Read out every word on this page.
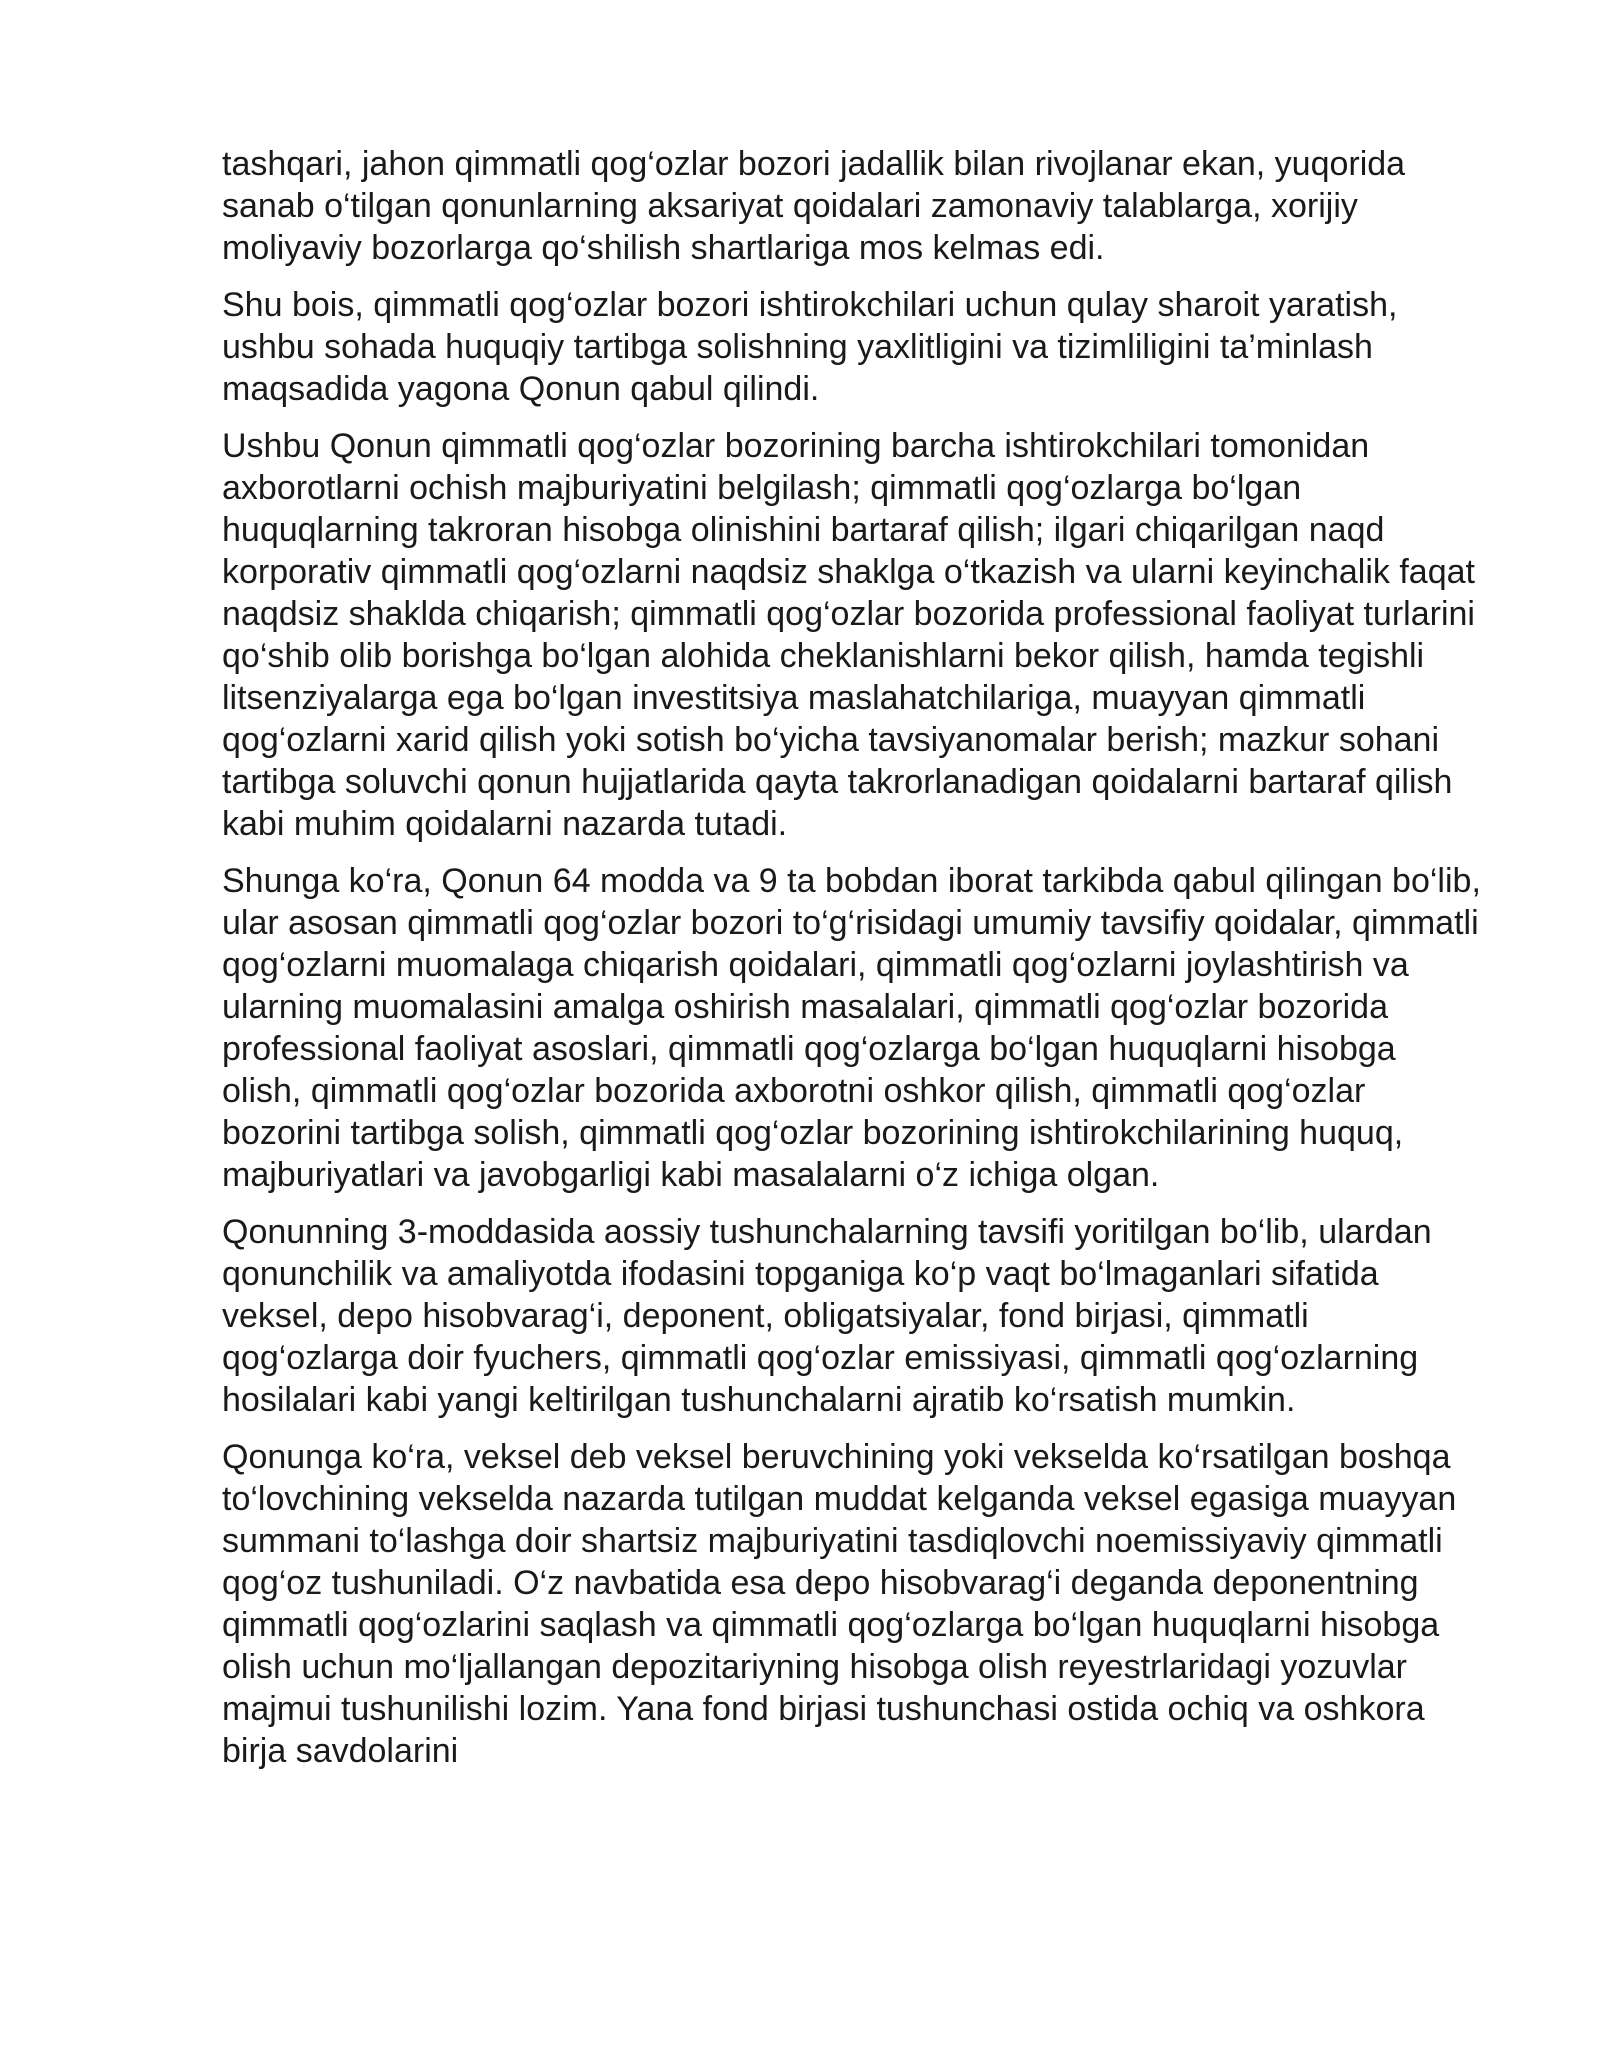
tashqari, jahon qimmatli qog‘ozlar bozori jadallik bilan rivojlanar ekan, yuqorida sanab o‘tilgan qonunlarning aksariyat qoidalari zamonaviy talablarga, xorijiy moliyaviy bozorlarga qo‘shilish shartlariga mos kelmas edi.

Shu bois, qimmatli qog‘ozlar bozori ishtirokchilari uchun qulay sharoit yaratish, ushbu sohada huquqiy tartibga solishning yaxlitligini va tizimliligini ta’minlash maqsadida yagona Qonun qabul qilindi.

Ushbu Qonun qimmatli qog‘ozlar bozorining barcha ishtirokchilari tomonidan axborotlarni ochish majburiyatini belgilash; qimmatli qog‘ozlarga bo‘lgan huquqlarning takroran hisobga olinishini bartaraf qilish; ilgari chiqarilgan naqd korporativ qimmatli qog‘ozlarni naqdsiz shaklga o‘tkazish va ularni keyinchalik faqat naqdsiz shaklda chiqarish; qimmatli qog‘ozlar bozorida professional faoliyat turlarini qo‘shib olib borishga bo‘lgan alohida cheklanishlarni bekor qilish, hamda tegishli litsenziyalarga ega bo‘lgan investitsiya maslahatchilariga, muayyan qimmatli qog‘ozlarni xarid qilish yoki sotish bo‘yicha tavsiyanomalar berish; mazkur sohani tartibga soluvchi qonun hujjatlarida qayta takrorlanadigan qoidalarni bartaraf qilish kabi muhim qoidalarni nazarda tutadi.

Shunga ko‘ra, Qonun 64 modda va 9 ta bobdan iborat tarkibda qabul qilingan bo‘lib, ular asosan qimmatli qog‘ozlar bozori to‘g‘risidagi umumiy tavsifiy qoidalar, qimmatli qog‘ozlarni muomalaga chiqarish qoidalari, qimmatli qog‘ozlarni joylashtirish va ularning muomalasini amalga oshirish masalalari, qimmatli qog‘ozlar bozorida professional faoliyat asoslari, qimmatli qog‘ozlarga bo‘lgan huquqlarni hisobga olish, qimmatli qog‘ozlar bozorida axborotni oshkor qilish, qimmatli qog‘ozlar bozorini tartibga solish, qimmatli qog‘ozlar bozorining ishtirokchilarining huquq, majburiyatlari va javobgarligi kabi masalalarni o‘z ichiga olgan.

Qonunning 3-moddasida aossiy tushunchalarning tavsifi yoritilgan bo‘lib, ulardan qonunchilik va amaliyotda ifodasini topganiga ko‘p vaqt bo‘lmaganlari sifatida veksel, depo hisobvarag‘i, deponent, obligatsiyalar, fond birjasi, qimmatli qog‘ozlarga doir fyuchers, qimmatli qog‘ozlar emissiyasi, qimmatli qog‘ozlarning hosilalari kabi yangi keltirilgan tushunchalarni ajratib ko‘rsatish mumkin.

Qonunga ko‘ra, veksel deb veksel beruvchining yoki vekselda ko‘rsatilgan boshqa to‘lovchining vekselda nazarda tutilgan muddat kelganda veksel egasiga muayyan summani to‘lashga doir shartsiz majburiyatini tasdiqlovchi noemissiyaviy qimmatli qog‘oz tushuniladi. O‘z navbatida esa depo hisobvarag‘i deganda deponentning qimmatli qog‘ozlarini saqlash va qimmatli qog‘ozlarga bo‘lgan huquqlarni hisobga olish uchun mo‘ljallangan depozitariyning hisobga olish reyestrlaridagi yozuvlar majmui tushunilishi lozim. Yana fond birjasi tushunchasi ostida ochiq va oshkora birja savdolarini
